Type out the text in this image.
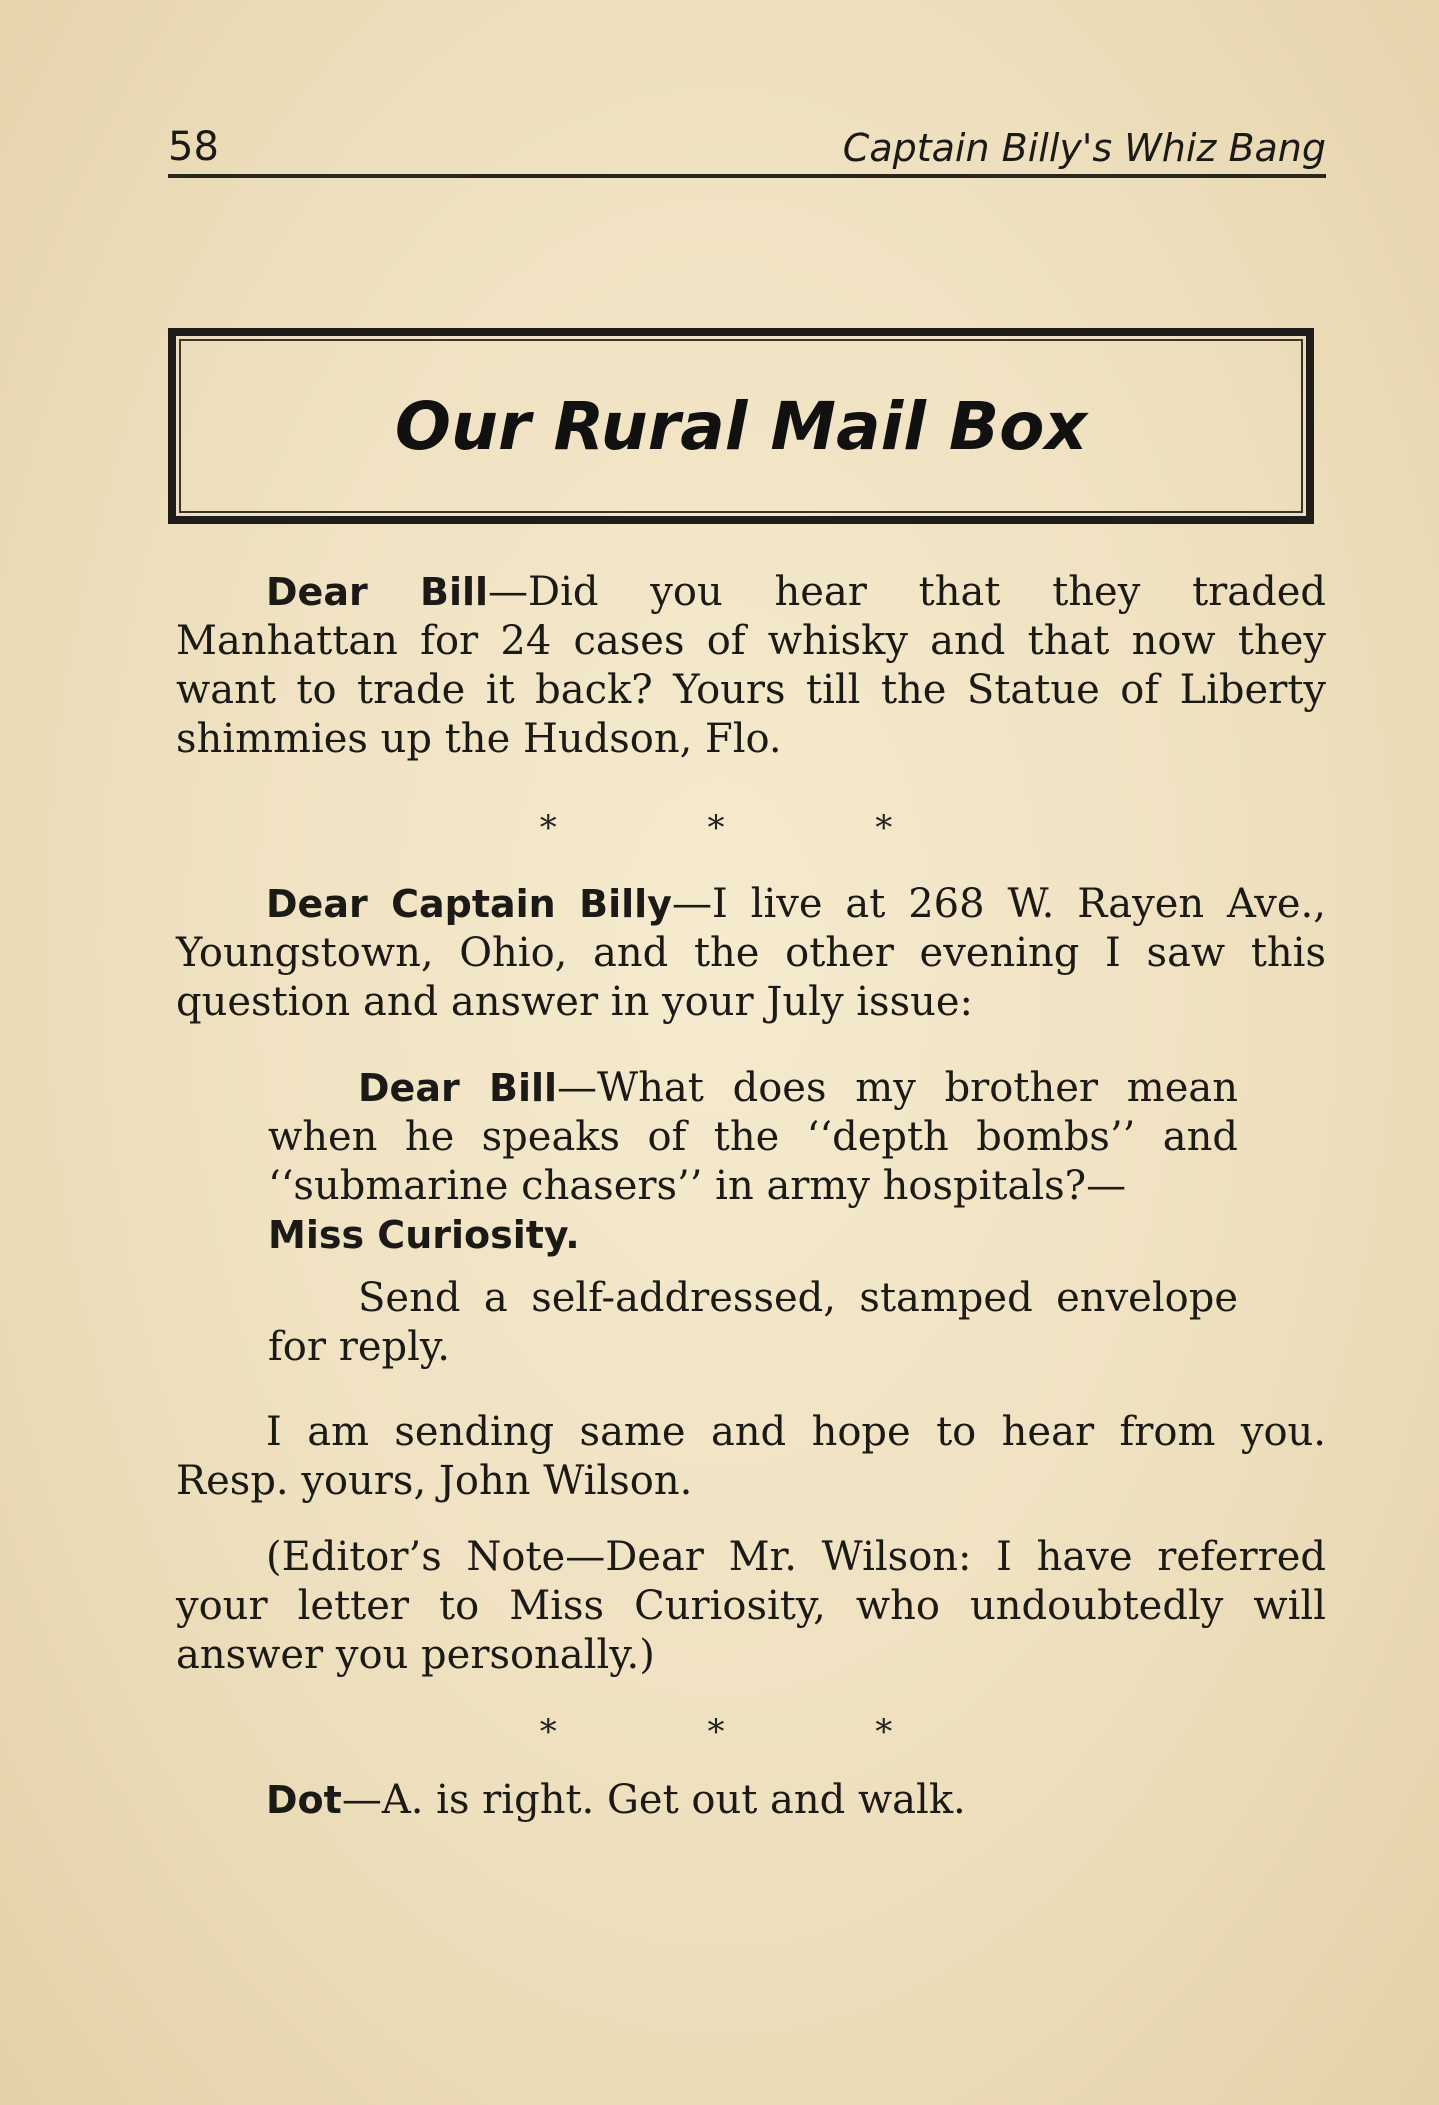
58	Captain Billy's Whiz Bang
Our Rural Mail Box

Dear Bill—Did you hear that they traded Manhattan for 24 cases of whisky and that now they want to trade it back? Yours till the Statue of Liberty shimmies up the Hudson, Flo.

* * *

Dear Captain Billy—I live at 268 W. Rayen Ave., Youngstown, Ohio, and the other evening I saw this question and answer in your July issue:

Dear Bill—What does my brother mean when he speaks of the ‘‘depth bombs’’ and ‘‘submarine chasers’’ in army hospitals?—
Miss Curiosity.

Send a self-addressed, stamped envelope for reply.

I am sending same and hope to hear from you. Resp. yours, John Wilson.

(Editor’s Note—Dear Mr. Wilson: I have referred your letter to Miss Curiosity, who undoubtedly will answer you personally.)

* * *

Dot—A. is right. Get out and walk.
